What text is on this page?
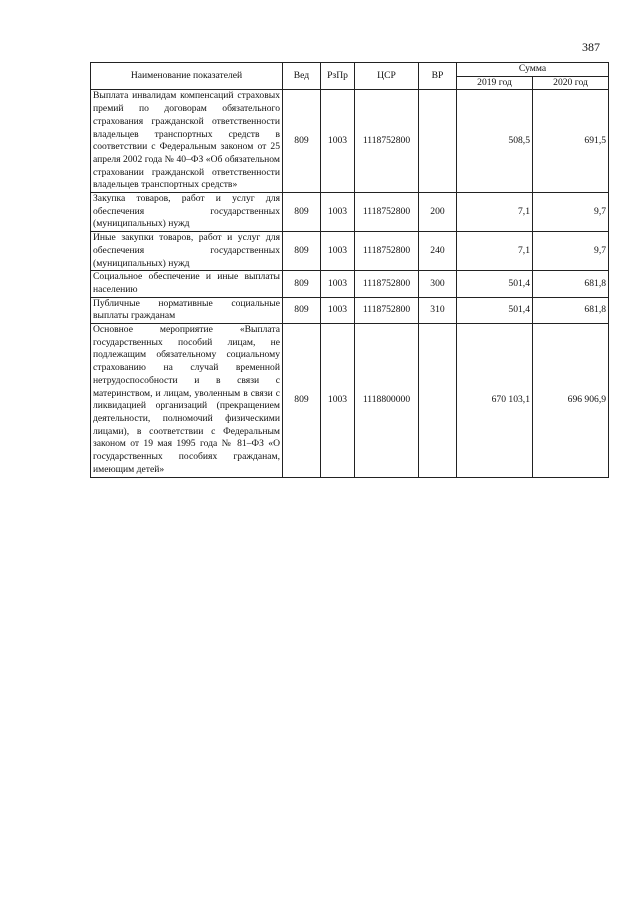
387
Наименование показателей	Вед	РзПр	ЦСР	ВР	Сумма	
					2019 год	2020 год
Выплата инвалидам компенсаций страховых премий по договорам обязательного страхования гражданской ответственности владельцев транспортных средств в соответствии с Федеральным законом от 25 апреля 2002 года № 40–ФЗ «Об обязательном страховании гражданской ответственности владельцев транспортных средств»	809	1003	1118752800		508,5	691,5
Закупка товаров, работ и услуг для обеспечения государственных (муниципальных) нужд	809	1003	1118752800	200	7,1	9,7
Иные закупки товаров, работ и услуг для обеспечения государственных (муниципальных) нужд	809	1003	1118752800	240	7,1	9,7
Социальное обеспечение и иные выплаты населению	809	1003	1118752800	300	501,4	681,8
Публичные нормативные социальные выплаты гражданам	809	1003	1118752800	310	501,4	681,8
Основное мероприятие «Выплата государственных пособий лицам, не подлежащим обязательному социальному страхованию на случай временной нетрудоспособности и в связи с материнством, и лицам, уволенным в связи с ликвидацией организаций (прекращением деятельности, полномочий физическими лицами), в соответствии с Федеральным законом от 19 мая 1995 года № 81–ФЗ «О государственных пособиях гражданам, имеющим детей»	809	1003	1118800000		670 103,1	696 906,9
